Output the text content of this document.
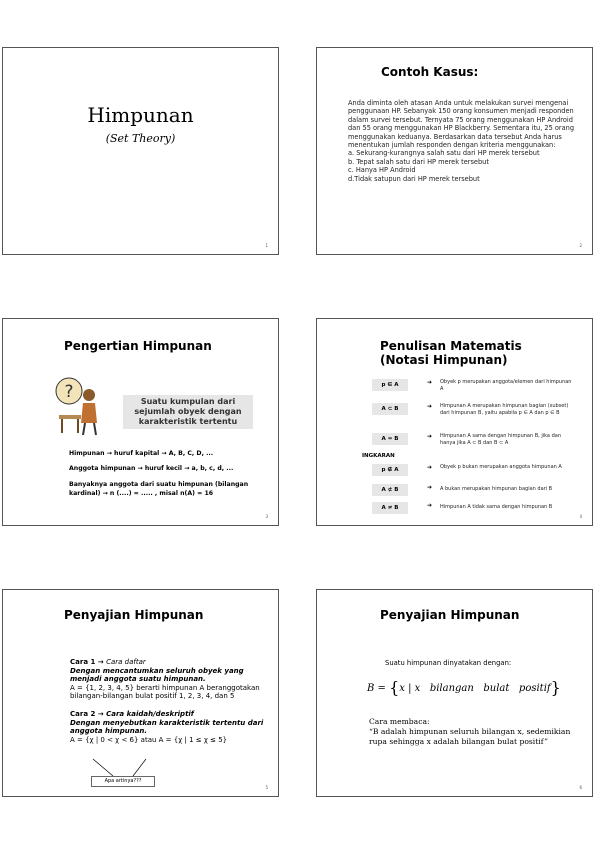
Himpunan
(Set Theory)
1
Contoh Kasus:
Anda diminta oleh atasan Anda untuk melakukan survei mengenai penggunaan HP. Sebanyak 150 orang konsumen menjadi responden dalam survei tersebut. Ternyata 75 orang menggunakan HP Android dan 55 orang menggunakan HP Blackberry. Sementara itu, 25 orang menggunakan keduanya. Berdasarkan data tersebut Anda harus menentukan jumlah responden dengan kriteria menggunakan:
a. Sekurang-kurangnya salah satu dari HP merek tersebut
b. Tepat salah satu dari HP merek tersebut
c. Hanya HP Android
d.Tidak satupun dari HP merek tersebut
2
Pengertian Himpunan
?	Suatu kumpulan dari sejumlah obyek dengan karakteristik tertentu
Himpunan → huruf kapital → A, B, C, D, ...
Anggota himpunan → huruf kecil → a, b, c, d, ...
Banyaknya anggota dari suatu himpunan (bilangan kardinal) → n (....) = ..... , misal n(A) = 16
3
Penulisan Matematis
(Notasi Himpunan)
p ∈ A	➔ Obyek p merupakan anggota/elemen dari himpunan A
A ⊂ B	➔ Himpunan A merupakan himpunan bagian (subset) dari himpunan B, yaitu apabila p ∈ A dan p ∈ B
A = B	➔ Himpunan A sama dengan himpunan B, jika dan hanya jika A ⊂ B dan B ⊂ A
INGKARAN
p ∉ A	➔ Obyek p bukan merupakan anggota himpunan A
A ⊄ B	➔ A bukan merupakan himpunan bagian dari B
A ≠ B	➔ Himpunan A tidak sama dengan himpunan B
4
Penyajian Himpunan
Cara 1 → Cara daftar
Dengan mencantumkan seluruh obyek yang menjadi anggota suatu himpunan.
A = {1, 2, 3, 4, 5} berarti himpunan A beranggotakan bilangan-bilangan bulat positif 1, 2, 3, 4, dan 5
Cara 2 → Cara kaidah/deskriptif
Dengan menyebutkan karakteristik tertentu dari anggota himpunan.
A = {χ | 0 < χ < 6} atau A = {χ | 1 ≤ χ ≤ 5}
Apa artinya???
5
Penyajian Himpunan
Suatu himpunan dinyatakan dengan:
B = {x | x   bilangan   bulat   positif}
Cara membaca:
“B adalah himpunan seluruh bilangan x, sedemikian rupa sehingga x adalah bilangan bulat positif”
6
